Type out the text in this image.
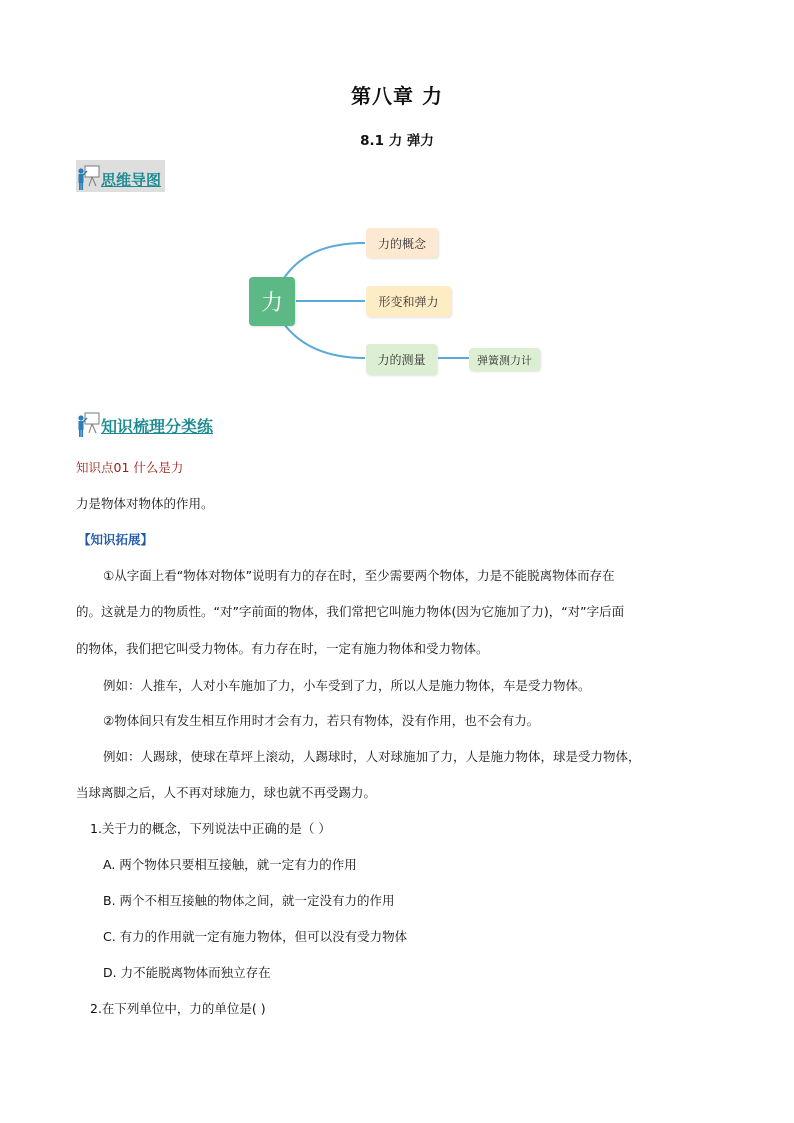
第八章 力
8.1 力 弹力
思维导图
力
力的概念
形变和弹力
力的测量	弹簧测力计
知识梳理分类练
知识点01 什么是力
力是物体对物体的作用。
【知识拓展】
①从字面上看“物体对物体”说明有力的存在时，至少需要两个物体，力是不能脱离物体而存在
的。这就是力的物质性。“对”字前面的物体，我们常把它叫施力物体(因为它施加了力)，“对”字后面
的物体，我们把它叫受力物体。有力存在时，一定有施力物体和受力物体。
例如：人推车，人对小车施加了力，小车受到了力，所以人是施力物体，车是受力物体。
②物体间只有发生相互作用时才会有力，若只有物体，没有作用，也不会有力。
例如：人踢球，使球在草坪上滚动，人踢球时，人对球施加了力，人是施力物体，球是受力物体，
当球离脚之后，人不再对球施力，球也就不再受踢力。
1.关于力的概念，下列说法中正确的是（ ）
A. 两个物体只要相互接触，就一定有力的作用
B. 两个不相互接触的物体之间，就一定没有力的作用
C. 有力的作用就一定有施力物体，但可以没有受力物体
D. 力不能脱离物体而独立存在
2.在下列单位中，力的单位是( )
